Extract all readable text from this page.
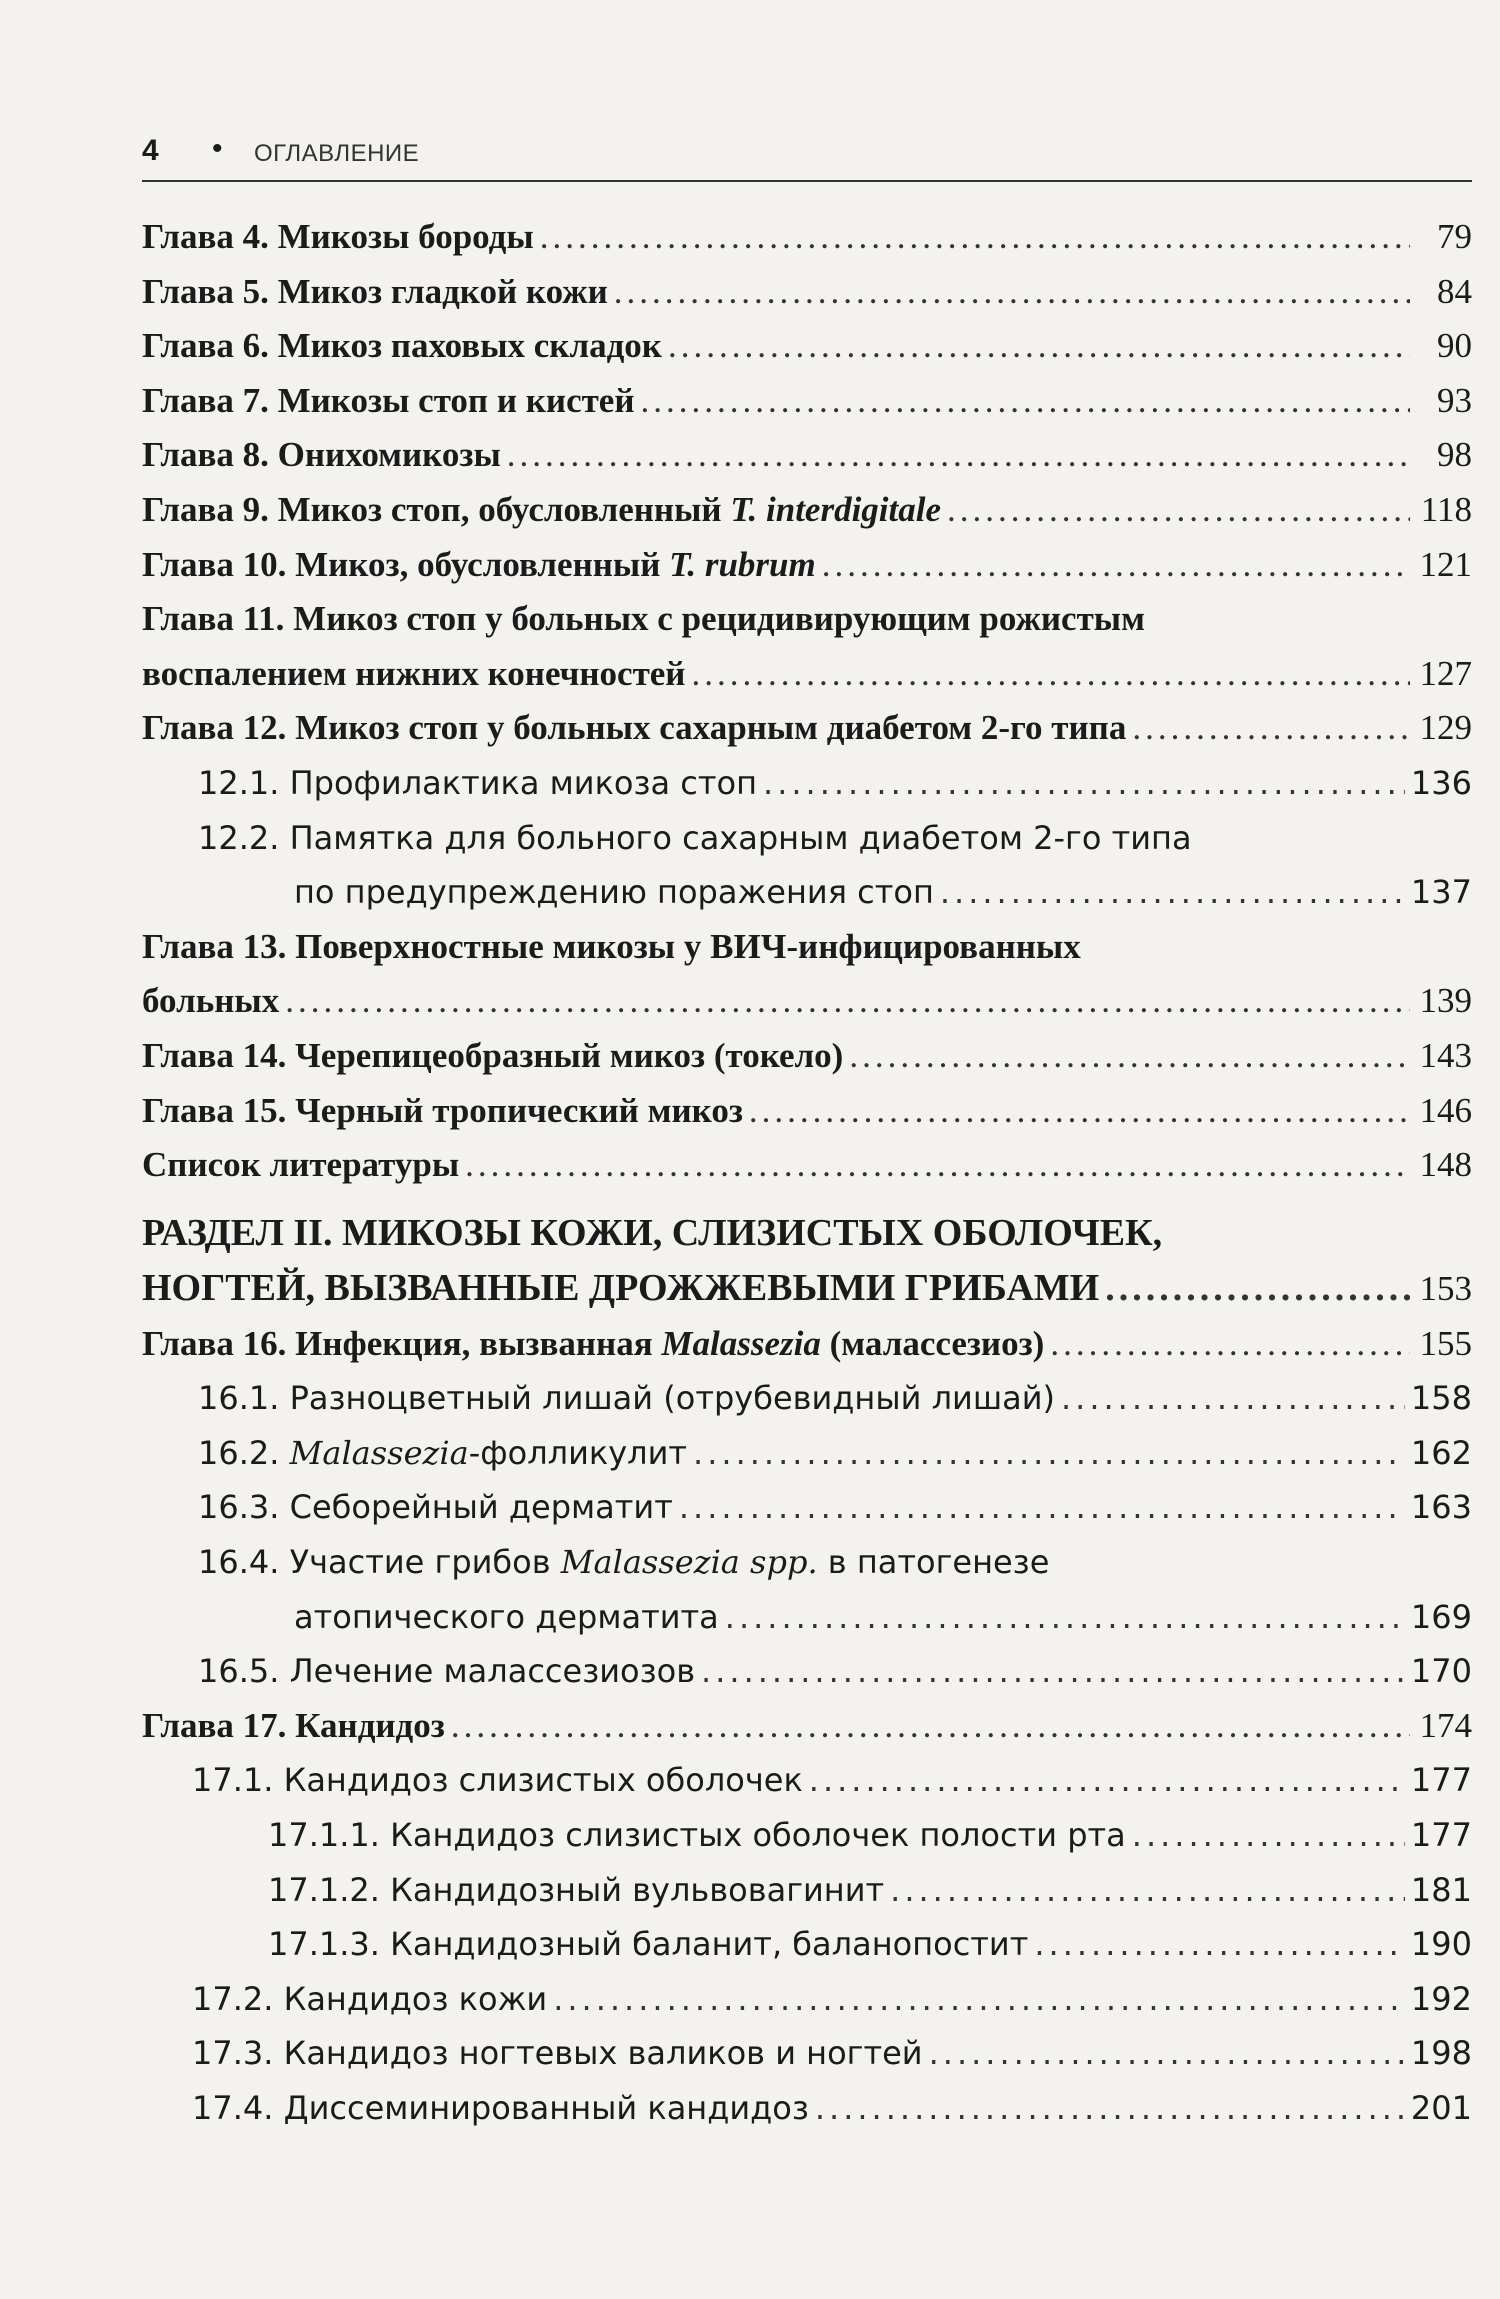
4 • ОГЛАВЛЕНИЕ
Глава 4. Микозы бороды .....	79
Глава 5. Микоз гладкой кожи .....	84
Глава 6. Микоз паховых складок .....	90
Глава 7. Микозы стоп и кистей .....	93
Глава 8. Онихомикозы .....	98
Глава 9. Микоз стоп, обусловленный T. interdigitale .....	118
Глава 10. Микоз, обусловленный T. rubrum .....	121
Глава 11. Микоз стоп у больных с рецидивирующим рожистым
воспалением нижних конечностей .....	127
Глава 12. Микоз стоп у больных сахарным диабетом 2-го типа .....	129
12.1. Профилактика микоза стоп .....	136
12.2. Памятка для больного сахарным диабетом 2-го типа
по предупреждению поражения стоп .....	137
Глава 13. Поверхностные микозы у ВИЧ-инфицированных
больных .....	139
Глава 14. Черепицеобразный микоз (токело) .....	143
Глава 15. Черный тропический микоз .....	146
Список литературы .....	148
РАЗДЕЛ II. МИКОЗЫ КОЖИ, СЛИЗИСТЫХ ОБОЛОЧЕК,
НОГТЕЙ, ВЫЗВАННЫЕ ДРОЖЖЕВЫМИ ГРИБАМИ .....	153
Глава 16. Инфекция, вызванная Malassezia (малассезиоз) .....	155
16.1. Разноцветный лишай (отрубевидный лишай) .....	158
16.2. Malassezia-фолликулит .....	162
16.3. Себорейный дерматит .....	163
16.4. Участие грибов Malassezia spp. в патогенезе
атопического дерматита .....	169
16.5. Лечение малассезиозов .....	170
Глава 17. Кандидоз .....	174
17.1. Кандидоз слизистых оболочек .....	177
17.1.1. Кандидоз слизистых оболочек полости рта .....	177
17.1.2. Кандидозный вульвовагинит .....	181
17.1.3. Кандидозный баланит, баланопостит .....	190
17.2. Кандидоз кожи .....	192
17.3. Кандидоз ногтевых валиков и ногтей .....	198
17.4. Диссеминированный кандидоз .....	201
